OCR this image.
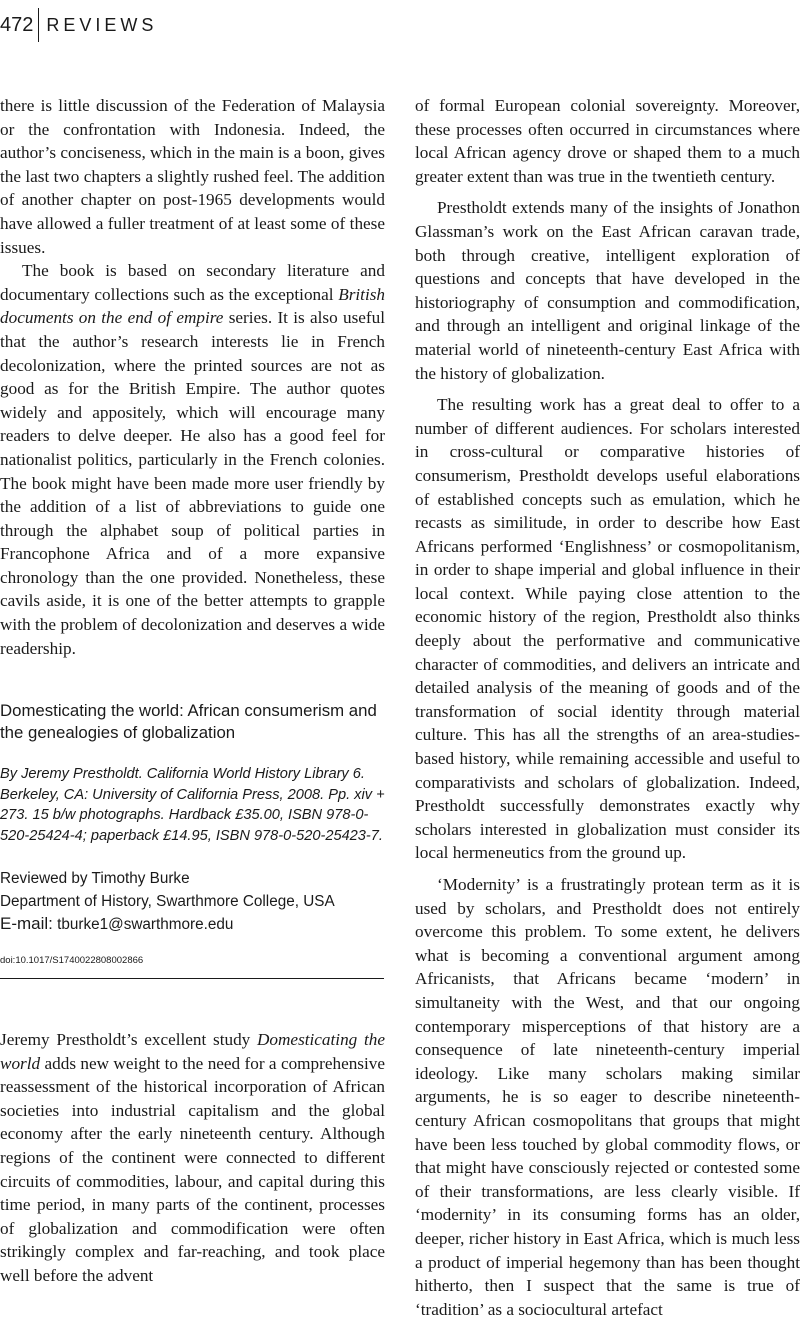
472 REVIEWS

there is little discussion of the Federation of Malaysia or the confrontation with Indonesia. Indeed, the author’s conciseness, which in the main is a boon, gives the last two chapters a slightly rushed feel. The addition of another chapter on post-1965 developments would have allowed a fuller treatment of at least some of these issues.

The book is based on secondary literature and documentary collections such as the exceptional British documents on the end of empire series. It is also useful that the author’s research interests lie in French decolonization, where the printed sources are not as good as for the British Empire. The author quotes widely and appositely, which will encourage many readers to delve deeper. He also has a good feel for nationalist politics, particularly in the French colonies. The book might have been made more user friendly by the addition of a list of abbreviations to guide one through the alphabet soup of political parties in Francophone Africa and of a more expansive chronology than the one provided. Nonetheless, these cavils aside, it is one of the better attempts to grapple with the problem of decolonization and deserves a wide readership.

Domesticating the world: African consumerism and the genealogies of globalization

By Jeremy Prestholdt. California World History Library 6. Berkeley, CA: University of California Press, 2008. Pp. xiv + 273. 15 b/w photographs. Hardback £35.00, ISBN 978-0-520-25424-4; paperback £14.95, ISBN 978-0-520-25423-7.

Reviewed by Timothy Burke
Department of History, Swarthmore College, USA
E-mail: tburke1@swarthmore.edu

doi:10.1017/S1740022808002866

Jeremy Prestholdt’s excellent study Domesticating the world adds new weight to the need for a comprehensive reassessment of the historical incorporation of African societies into industrial capitalism and the global economy after the early nineteenth century. Although regions of the continent were connected to different circuits of commodities, labour, and capital during this time period, in many parts of the continent, processes of globalization and commodification were often strikingly complex and far-reaching, and took place well before the advent

of formal European colonial sovereignty. Moreover, these processes often occurred in circumstances where local African agency drove or shaped them to a much greater extent than was true in the twentieth century.

Prestholdt extends many of the insights of Jonathon Glassman’s work on the East African caravan trade, both through creative, intelligent exploration of questions and concepts that have developed in the historiography of consumption and commodification, and through an intelligent and original linkage of the material world of nineteenth-century East Africa with the history of globalization.

The resulting work has a great deal to offer to a number of different audiences. For scholars interested in cross-cultural or comparative histories of consumerism, Prestholdt develops useful elaborations of established concepts such as emulation, which he recasts as similitude, in order to describe how East Africans performed ‘Englishness’ or cosmopolitanism, in order to shape imperial and global influence in their local context. While paying close attention to the economic history of the region, Prestholdt also thinks deeply about the performative and communicative character of commodities, and delivers an intricate and detailed analysis of the meaning of goods and of the transformation of social identity through material culture. This has all the strengths of an area-studies-based history, while remaining accessible and useful to comparativists and scholars of globalization. Indeed, Prestholdt successfully demonstrates exactly why scholars interested in globalization must consider its local hermeneutics from the ground up.

‘Modernity’ is a frustratingly protean term as it is used by scholars, and Prestholdt does not entirely overcome this problem. To some extent, he delivers what is becoming a conventional argument among Africanists, that Africans became ‘modern’ in simultaneity with the West, and that our ongoing contemporary misperceptions of that history are a consequence of late nineteenth-century imperial ideology. Like many scholars making similar arguments, he is so eager to describe nineteenth-century African cosmopolitans that groups that might have been less touched by global commodity flows, or that might have consciously rejected or contested some of their transformations, are less clearly visible. If ‘modernity’ in its consuming forms has an older, deeper, richer history in East Africa, which is much less a product of imperial hegemony than has been thought hitherto, then I suspect that the same is true of ‘tradition’ as a sociocultural artefact
